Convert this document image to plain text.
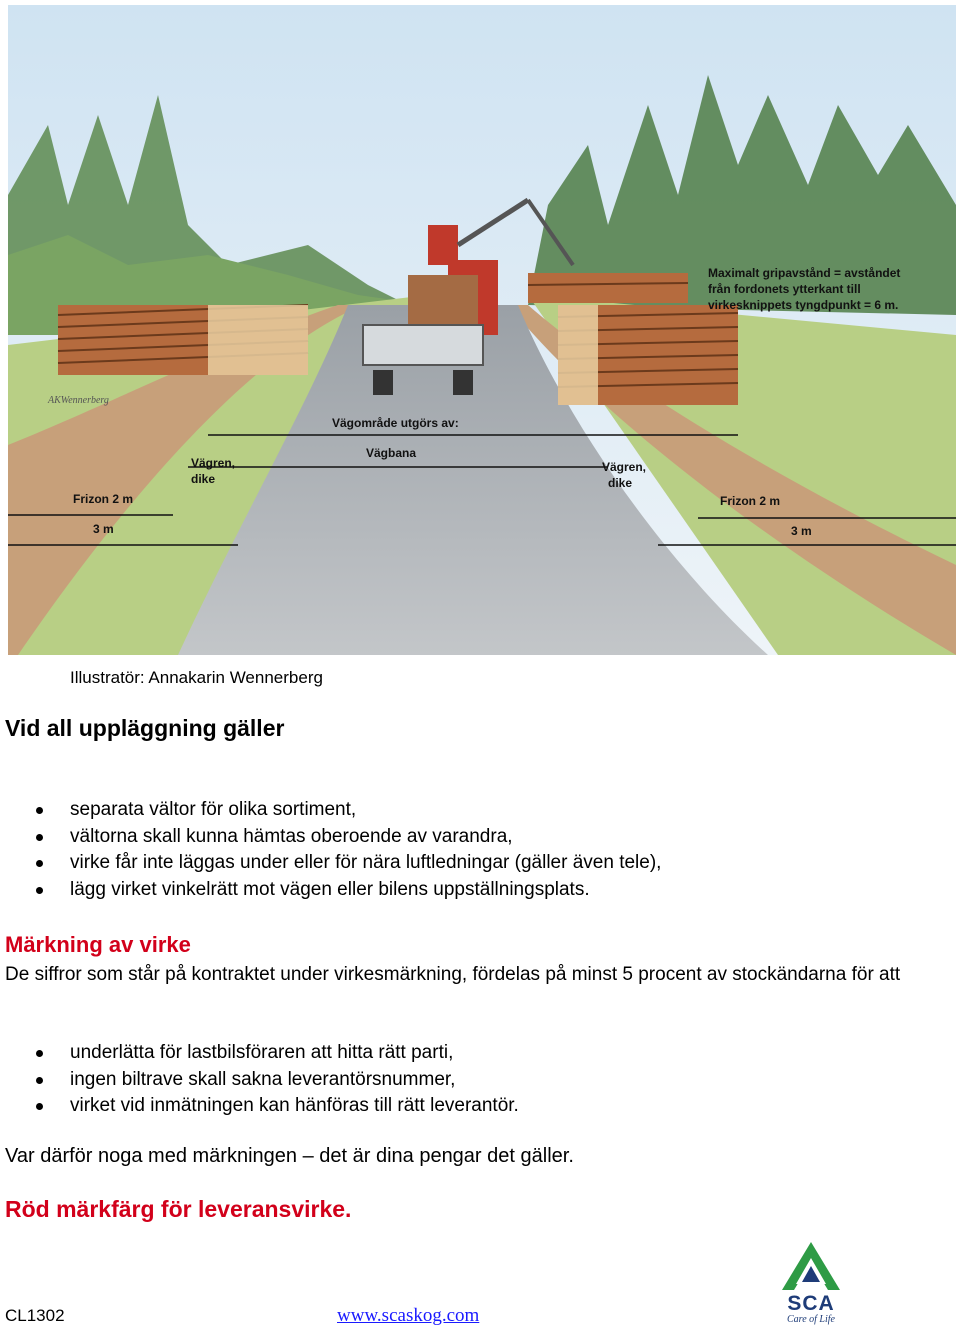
Maximalt gripavstånd = avståndet från fordonets ytterkant till virkesknippets tyngdpunkt = 6 m.
Vägområde utgörs av:
Vägbana
Vägren, dike
Vägren, dike
Frizon 2 m
3 m
Frizon 2 m
3 m
AKWennerberg
Illustratör: Annakarin Wennerberg
Vid all uppläggning gäller
separata vältor för olika sortiment,
vältorna skall kunna hämtas oberoende av varandra,
virke får inte läggas under eller för nära luftledningar (gäller även tele),
lägg virket vinkelrätt mot vägen eller bilens uppställningsplats.
Märkning av virke
De siffror som står på kontraktet under virkesmärkning, fördelas på minst 5 procent av stockändarna för att
underlätta för lastbilsföraren att hitta rätt parti,
ingen biltrave skall sakna leverantörsnummer,
virket vid inmätningen kan hänföras till rätt leverantör.
Var därför noga med märkningen – det är dina pengar det gäller.
Röd märkfärg för leveransvirke.
CL1302	www.scaskog.com
SCA
Care of Life
